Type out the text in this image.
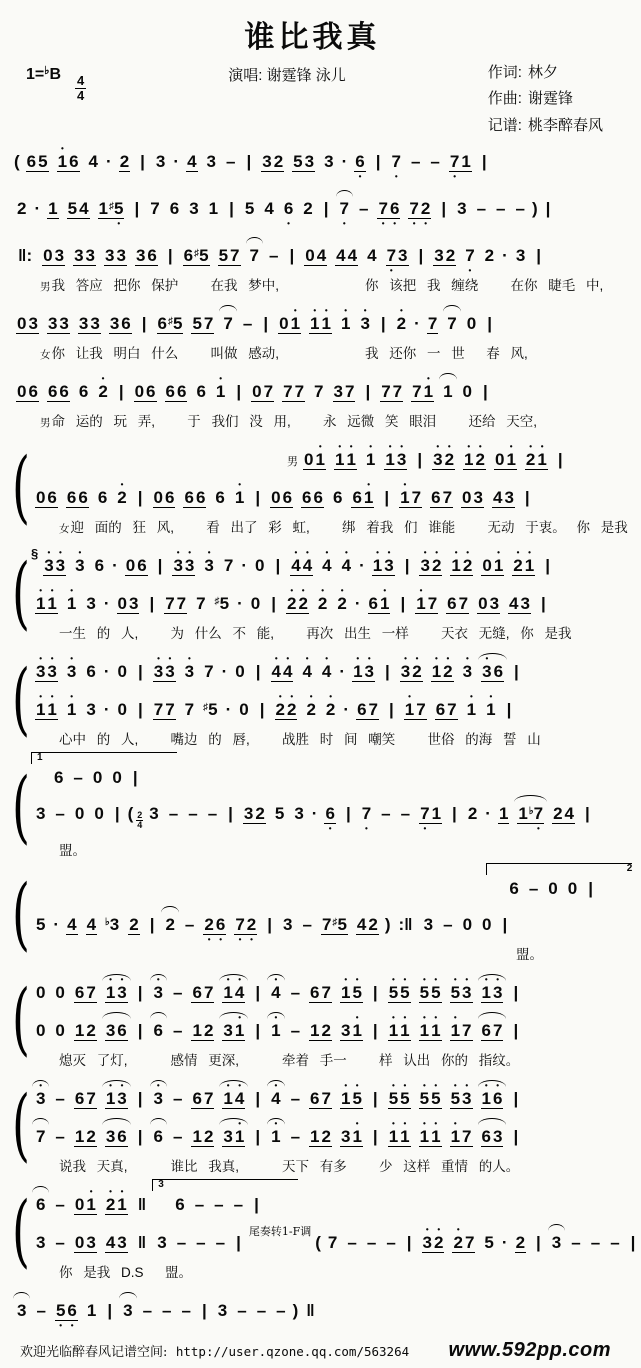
谁比我真
$1=^♭B \frac{4}{4}$	演唱: 谢霆锋 泳儿	作词: 林夕
作曲: 谢霆锋
记谱: 桃李醉春风
( 6 5 1
•
6 4 · 2 | 3 · 4 3 – | 3 2 5 3 3 · 6
•
| 7
•
– – 7
•
1 |
2 · 1 5 4 1♯5
•
| 7 6 3 1 | 5 4 6
•
2 | 7
•
– 7
•
6
•
7
•
2
•
| 3 – – – ) |
‖: 0 3 3 3 3 3 3 6 | 6♯5 5 7 7 – | 0 4 4 4 4 7
•
3 | 3 2 7
•
2 · 3 |
男我 答应 把你 保护   在我 梦中,        你 该把 我 缠绕   在你 睫毛 中,
0 3 3 3 3 3 3 6 | 6♯5 5 7 7 – | 0 1
•
1
•
1
•
1
•
3
•
| 2
•
· 7 7 0 |
女你 让我 明白 什么   叫做 感动,        我 还你 一 世  春 风,
0 6 6 6 6 2
•
| 0 6 6 6 6 1
•
| 0 7 7 7 7 3 7 | 7 7 7 1
•
1 0 |
男命 运的 玩 弄,   于 我们 没 用,   永 远微 笑 眼泪   还给 天空,
(	男 0 1
•
1
•
1
•
1
•
1
•
3
•
| 3
•
2
•
1
•
2
•
0 1
•
2
•
1
•
|
0 6 6 6 6 2
•
| 0 6 6 6 6 1
•
| 0 6 6 6 6 6 1
•
| 1
•
7 6 7 0 3 4 3 |
女迎 面的 狂 风,   看 出了 彩 虹,   绑 着我 们 谁能   无动 于衷。 你 是我
( §3
•
3
•
3
•
6 · 0 6 | 3
•
3
•
3
•
7 · 0 | 4
•
4
•
4
•
4
•
· 1
•
3
•
| 3
•
2
•
1
•
2
•
0 1
•
2
•
1
•
|
1
•
1
•
1
•
3 · 0 3 | 7 7 7 ♯5 · 0 | 2
•
2
•
2
•
2
•
· 6 1
•
| 1
•
7 6 7 0 3 4 3 |
一生 的 人,   为 什么 不 能,   再次 出生 一样   天衣 无缝, 你 是我
( 3
•
3
•
3
•
6 · 0 | 3
•
3
•
3
•
7 · 0 | 4
•
4
•
4
•
4
•
· 1
•
3
•
| 3
•
2
•
1
•
2
•
3
•
3
•
6 |
1
•
1
•
1
•
3 · 0 | 7 7 7 ♯5 · 0 | 2
•
2
•
2
•
2
•
· 6 7 | 1
•
7 6 7 1
•
1
•
|
心中 的 人,   嘴边 的 唇,   战胜 时 间 嘲笑   世俗 的海 誓 山
(
16 – 0 0 |
3 – 0 0 | ( $\frac{2}{4} 3$ – – – | 3 2 5 3 · 6
•
| 7
•
– – 7
•
1 | 2 · 1 1♭7
•
2 4 |
盟。
(	26 – 0 0 |
5 · 4 4 ♭3 2 | 2 – 2
•
6
•
7
•
2
•
| 3 – 7♯5 4 2 ) :‖ 3 – 0 0 |
盟。
( 0 0 6 7 1
•
3
•
| 3
•
– 6 7 1
•
4
•
| 4
•
– 6 7 1
•
5
•
| 5
•
5
•
5
•
5
•
5
•
3
•
1
•
3
•
|
0 0 1 2 3 6 | 6 – 1 2 3 1
•
| 1
•
– 1 2 3 1
•
| 1
•
1
•
1
•
1
•
1
•
7 6 7 |
熄灭 了灯,    感情 更深,    牵着 手一   样 认出 你的 指纹。
( 3
•
– 6 7 1
•
3
•
| 3
•
– 6 7 1
•
4
•
| 4
•
– 6 7 1
•
5
•
| 5
•
5
•
5
•
5
•
5
•
3
•
1
•
6
•
|
7 – 1 2 3 6 | 6 – 1 2 3 1
•
| 1
•
– 1 2 3 1
•
| 1
•
1
•
1
•
1
•
1
•
7 6 3 |
说我 天真,    谁比 我真,    天下 有多   少 这样 重情 的人。
( 6 – 0 1
•
2
•
1
•
‖36 – – – |
3 – 0 3 4 3 ‖ 3 – – – $|^{尾奏转1-F调}$( 7 – – – | 3
•
2
•
2
•
7 5 · 2 | 3 – – – |
你 是我 D.S  盟。
3 – 5
•
6
•
1 | 3 – – – | 3 – – – ) ‖
欢迎光临醉春风记谱空间: http://user.qzone.qq.com/563264 www.592pp.com
